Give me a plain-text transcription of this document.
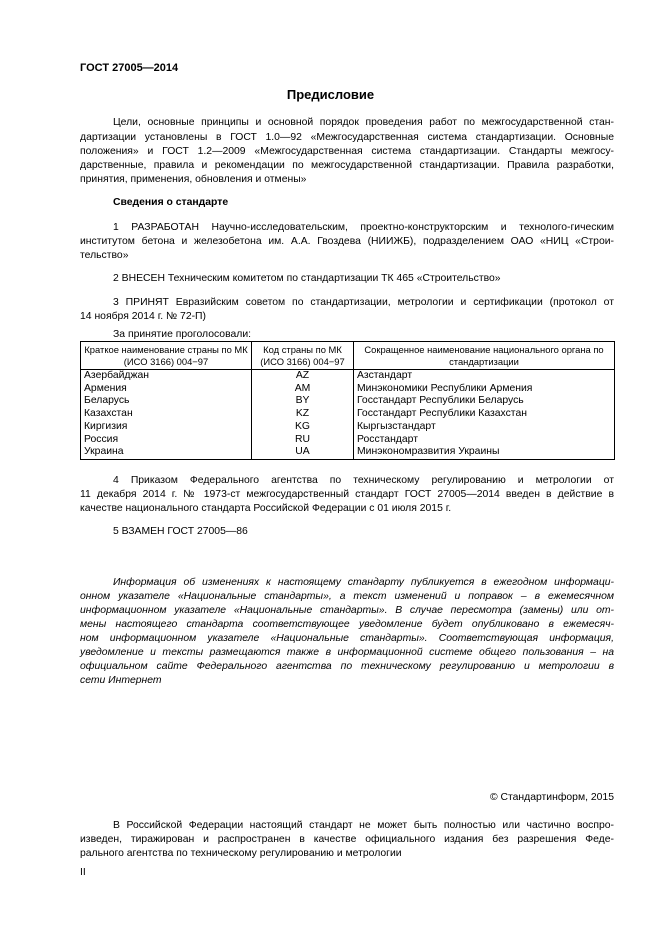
ГОСТ 27005—2014
Предисловие
Цели, основные принципы и основной порядок проведения работ по межгосударственной стан-
дартизации установлены в ГОСТ 1.0—92 «Межгосударственная система стандартизации. Основные
положения» и ГОСТ 1.2—2009 «Межгосударственная система стандартизации. Стандарты межгосу-
дарственные, правила и рекомендации по межгосударственной стандартизации. Правила разработки,
принятия, применения, обновления и отмены»
Сведения о стандарте
1 РАЗРАБОТАН Научно-исследовательским, проектно-конструкторским и технолого-гическим
институтом бетона и железобетона им. А.А. Гвоздева (НИИЖБ), подразделением ОАО «НИЦ «Строи-
тельство»
2 ВНЕСЕН Техническим комитетом по стандартизации ТК 465 «Строительство»
3 ПРИНЯТ Евразийским советом по стандартизации, метрологии и сертификации (протокол от
14 ноября 2014 г. № 72-П)
За принятие проголосовали:
Краткое наименование страны по МК (ИСО 3166) 004−97	Код страны по МК (ИСО 3166) 004−97	Сокращенное наименование национального органа по стандартизации
Азербайджан	AZ	Азстандарт
Армения	AM	Минэкономики Республики Армения
Беларусь	BY	Госстандарт Республики Беларусь
Казахстан	KZ	Госстандарт Республики Казахстан
Киргизия	KG	Кыргызстандарт
Россия	RU	Росстандарт
Украина	UA	Минэкономразвития Украины
4 Приказом Федерального агентства по техническому регулированию и метрологии от
11 декабря 2014 г. № 1973-ст межгосударственный стандарт ГОСТ 27005—2014 введен в действие в
качестве национального стандарта Российской Федерации с 01 июля 2015 г.
5 ВЗАМЕН ГОСТ 27005—86
Информация об изменениях к настоящему стандарту публикуется в ежегодном информаци-
онном указателе «Национальные стандарты», а текст изменений и поправок – в ежемесячном
информационном указателе «Национальные стандарты». В случае пересмотра (замены) или от-
мены настоящего стандарта соответствующее уведомление будет опубликовано в ежемесяч-
ном информационном указателе «Национальные стандарты». Соответствующая информация,
уведомление и тексты размещаются также в информационной системе общего пользования – на
официальном сайте Федерального агентства по техническому регулированию и метрологии в
сети Интернет
© Стандартинформ, 2015
В Российской Федерации настоящий стандарт не может быть полностью или частично воспро-
изведен, тиражирован и распространен в качестве официального издания без разрешения Феде-
рального агентства по техническому регулированию и метрологии
II
